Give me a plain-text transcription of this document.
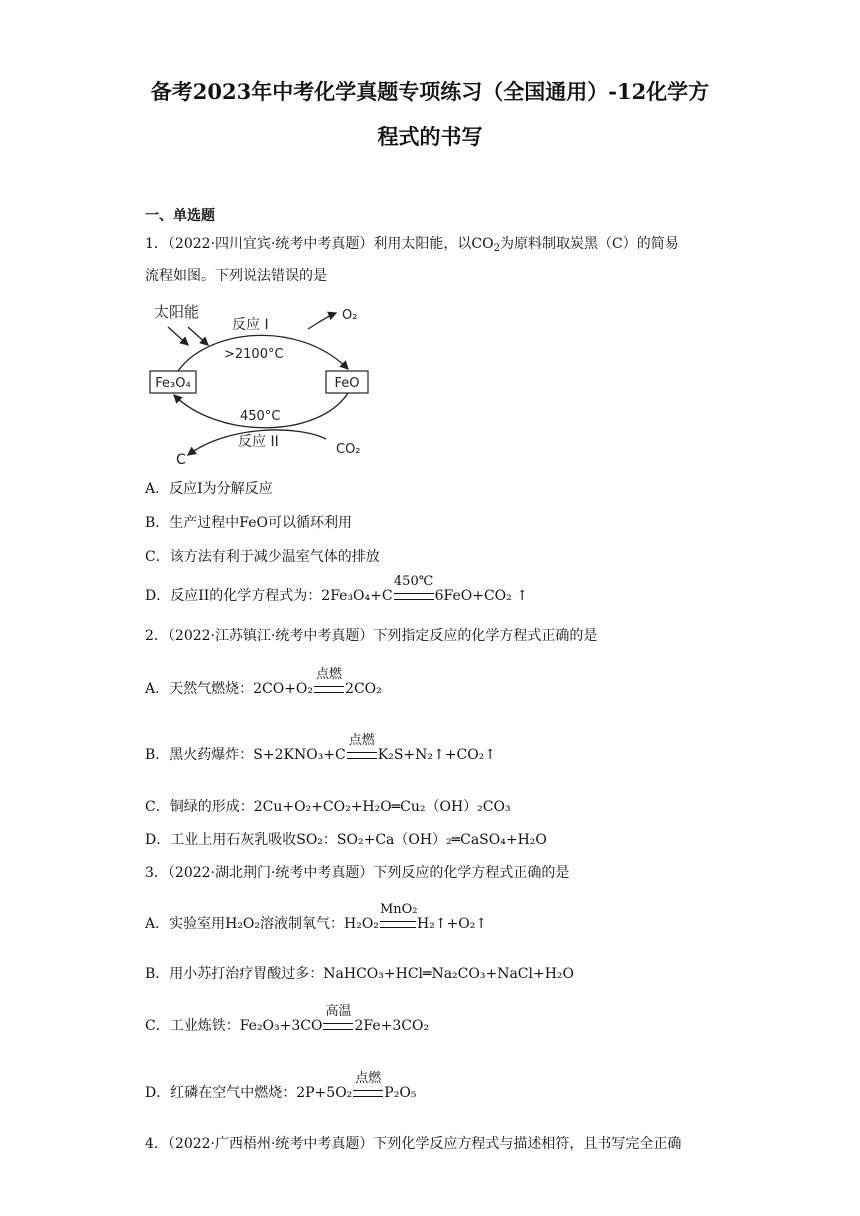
备考2023年中考化学真题专项练习（全国通用）-12化学方
程式的书写
一、单选题
1．（2022·四川宜宾·统考中考真题）利用太阳能，以$CO_2$为原料制取炭黑（C）的简易
流程如图。下列说法错误的是
太阳能
反应 I
>2100°C
O₂
Fe₃O₄	FeO
450°C
反应 II
C
CO₂
A．反应I为分解反应
B．生产过程中FeO可以循环利用
C．该方法有利于减少温室气体的排放
D．反应II的化学方程式为：2Fe₃O₄+C
450℃
6FeO+CO₂ ↑
2．（2022·江苏镇江·统考中考真题）下列指定反应的化学方程式正确的是
A．天然气燃烧：2CO+O₂
点燃
2CO₂
B．黑火药爆炸：S+2KNO₃+C
点燃
K₂S+N₂↑+CO₂↑
C．铜绿的形成：2Cu+O₂+CO₂+H₂O═Cu₂（OH）₂CO₃
D．工业上用石灰乳吸收SO₂：SO₂+Ca（OH）₂═CaSO₄+H₂O
3．（2022·湖北荆门·统考中考真题）下列反应的化学方程式正确的是
A．实验室用H₂O₂溶液制氧气：H₂O₂
MnO₂
H₂↑+O₂↑
B．用小苏打治疗胃酸过多：NaHCO₃+HCl═Na₂CO₃+NaCl+H₂O
C．工业炼铁：Fe₂O₃+3CO
高温
2Fe+3CO₂
D．红磷在空气中燃烧：2P+5O₂
点燃
P₂O₅
4．（2022·广西梧州·统考中考真题）下列化学反应方程式与描述相符，且书写完全正确
